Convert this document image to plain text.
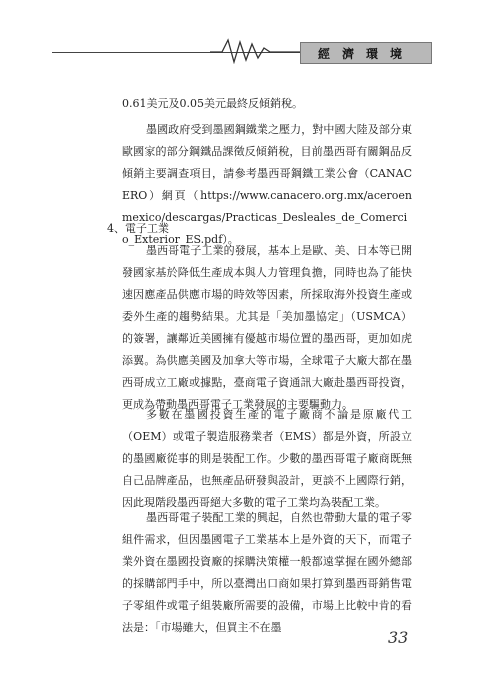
經濟環境

0.61美元及0.05美元最終反傾銷稅。

墨國政府受到墨國鋼鐵業之壓力，對中國大陸及部分東歐國家的部分鋼鐵品課徵反傾銷稅，目前墨西哥有關鋼品反傾銷主要調查項目，請參考墨西哥鋼鐵工業公會（CANACERO）網頁（https://www.canacero.org.mx/aceroenmexico/descargas/Practicas_Desleales_de_Comercio_Exterior_ES.pdf）。

4、電子工業

墨西哥電子工業的發展，基本上是歐、美、日本等已開發國家基於降低生產成本與人力管理負擔，同時也為了能快速因應產品供應市場的時效等因素，所採取海外投資生產或委外生產的趨勢結果。尤其是「美加墨協定」（USMCA）的簽署，讓鄰近美國擁有優越市場位置的墨西哥，更加如虎添翼。為供應美國及加拿大等市場，全球電子大廠大都在墨西哥成立工廠或據點，臺商電子資通訊大廠赴墨西哥投資，更成為帶動墨西哥電子工業發展的主要驅動力。

多數在墨國投資生產的電子廠商不論是原廠代工（OEM）或電子製造服務業者（EMS）都是外資，所設立的墨國廠從事的則是裝配工作。少數的墨西哥電子廠商既無自己品牌產品，也無產品研發與設計，更談不上國際行銷，因此現階段墨西哥絕大多數的電子工業均為裝配工業。

墨西哥電子裝配工業的興起，自然也帶動大量的電子零組件需求，但因墨國電子工業基本上是外資的天下，而電子業外資在墨國投資廠的採購決策權一般都遠掌握在國外總部的採購部門手中，所以臺灣出口商如果打算到墨西哥銷售電子零組件或電子組裝廠所需要的設備，市場上比較中肯的看法是：「市場雖大，但買主不在墨

33
